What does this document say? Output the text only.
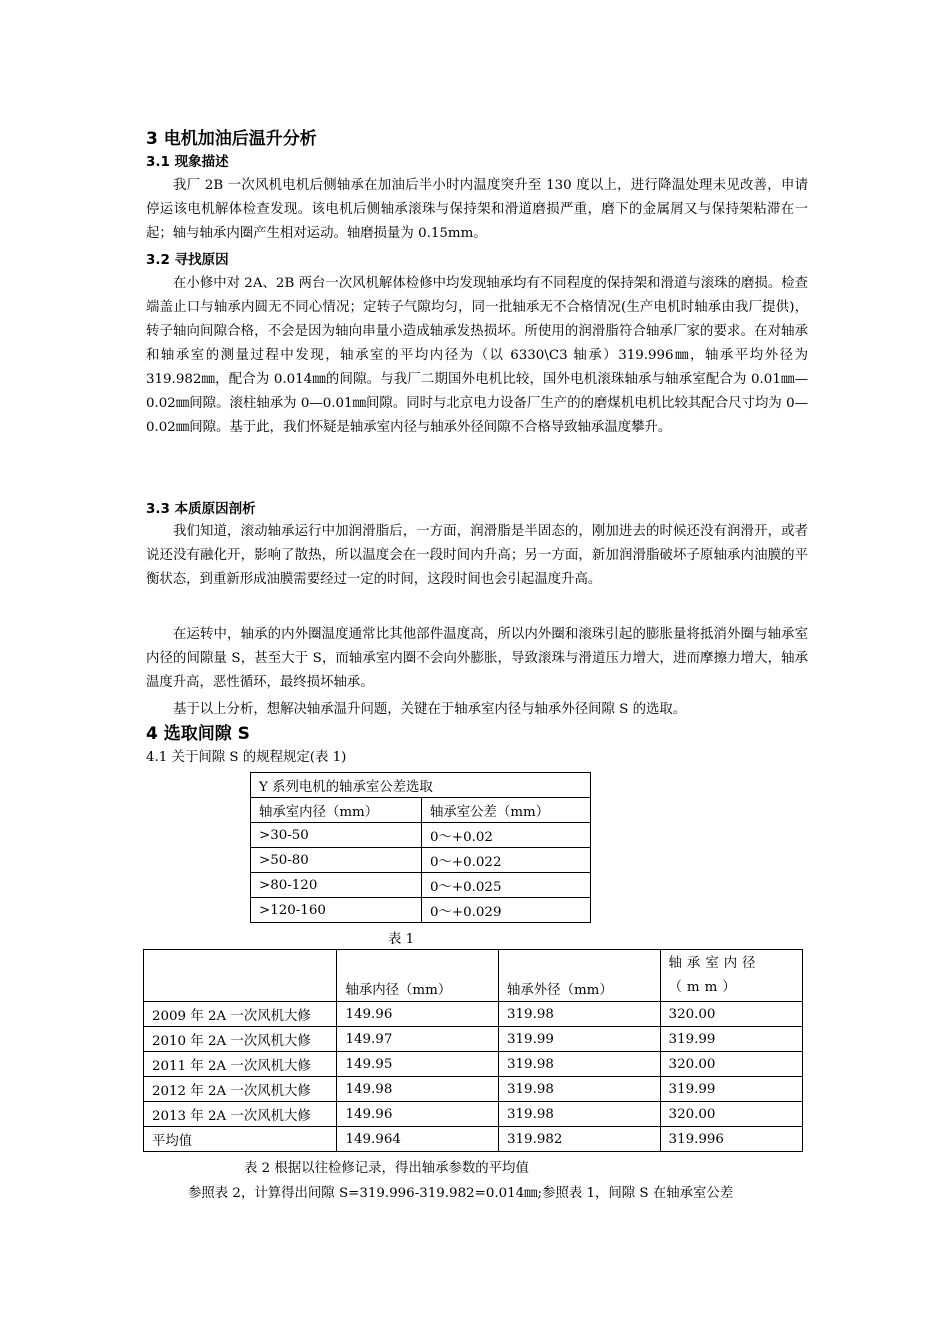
3 电机加油后温升分析
3.1 现象描述

我厂 2B 一次风机电机后侧轴承在加油后半小时内温度突升至 130 度以上，进行降温处理未见改善，申请停运该电机解体检查发现。该电机后侧轴承滚珠与保持架和滑道磨损严重，磨下的金属屑又与保持架粘滞在一起；轴与轴承内圈产生相对运动。轴磨损量为 0.15mm。

3.2 寻找原因

在小修中对 2A、2B 两台一次风机解体检修中均发现轴承均有不同程度的保持架和滑道与滚珠的磨损。检查端盖止口与轴承内圆无不同心情况；定转子气隙均匀，同一批轴承无不合格情况(生产电机时轴承由我厂提供)，转子轴向间隙合格，不会是因为轴向串量小造成轴承发热损坏。所使用的润滑脂符合轴承厂家的要求。在对轴承和轴承室的测量过程中发现，轴承室的平均内径为（以 6330\C3 轴承）319.996㎜，轴承平均外径为 319.982㎜，配合为 0.014㎜的间隙。与我厂二期国外电机比较，国外电机滚珠轴承与轴承室配合为 0.01㎜—0.02㎜间隙。滚柱轴承为 0—0.01㎜间隙。同时与北京电力设备厂生产的的磨煤机电机比较其配合尺寸均为 0—0.02㎜间隙。基于此，我们怀疑是轴承室内径与轴承外径间隙不合格导致轴承温度攀升。

3.3 本质原因剖析

我们知道，滚动轴承运行中加润滑脂后，一方面，润滑脂是半固态的，刚加进去的时候还没有润滑开，或者说还没有融化开，影响了散热，所以温度会在一段时间内升高；另一方面，新加润滑脂破坏子原轴承内油膜的平衡状态，到重新形成油膜需要经过一定的时间，这段时间也会引起温度升高。

在运转中，轴承的内外圈温度通常比其他部件温度高，所以内外圈和滚珠引起的膨胀量将抵消外圈与轴承室内径的间隙量 S，甚至大于 S，而轴承室内圈不会向外膨胀，导致滚珠与滑道压力增大，进而摩擦力增大，轴承温度升高，恶性循环，最终损坏轴承。

基于以上分析，想解决轴承温升问题，关键在于轴承室内径与轴承外径间隙 S 的选取。

4 选取间隙 S
4.1 关于间隙 S 的规程规定(表 1)
Y 系列电机的轴承室公差选取	
轴承室内径（mm）	轴承室公差（mm）
>30-50	0～+0.02
>50-80	0～+0.022
>80-120	0～+0.025
>120-160	0～+0.029
表 1
	轴承内径（mm）	轴承外径（mm）	轴承室内径（mm）
2009 年 2A 一次风机大修	149.96	319.98	320.00
2010 年 2A 一次风机大修	149.97	319.99	319.99
2011 年 2A 一次风机大修	149.95	319.98	320.00
2012 年 2A 一次风机大修	149.98	319.98	319.99
2013 年 2A 一次风机大修	149.96	319.98	320.00
平均值	149.964	319.982	319.996
表 2 根据以往检修记录，得出轴承参数的平均值
参照表 2，计算得出间隙 S=319.996-319.982=0.014㎜;参照表 1，间隙 S 在轴承室公差
